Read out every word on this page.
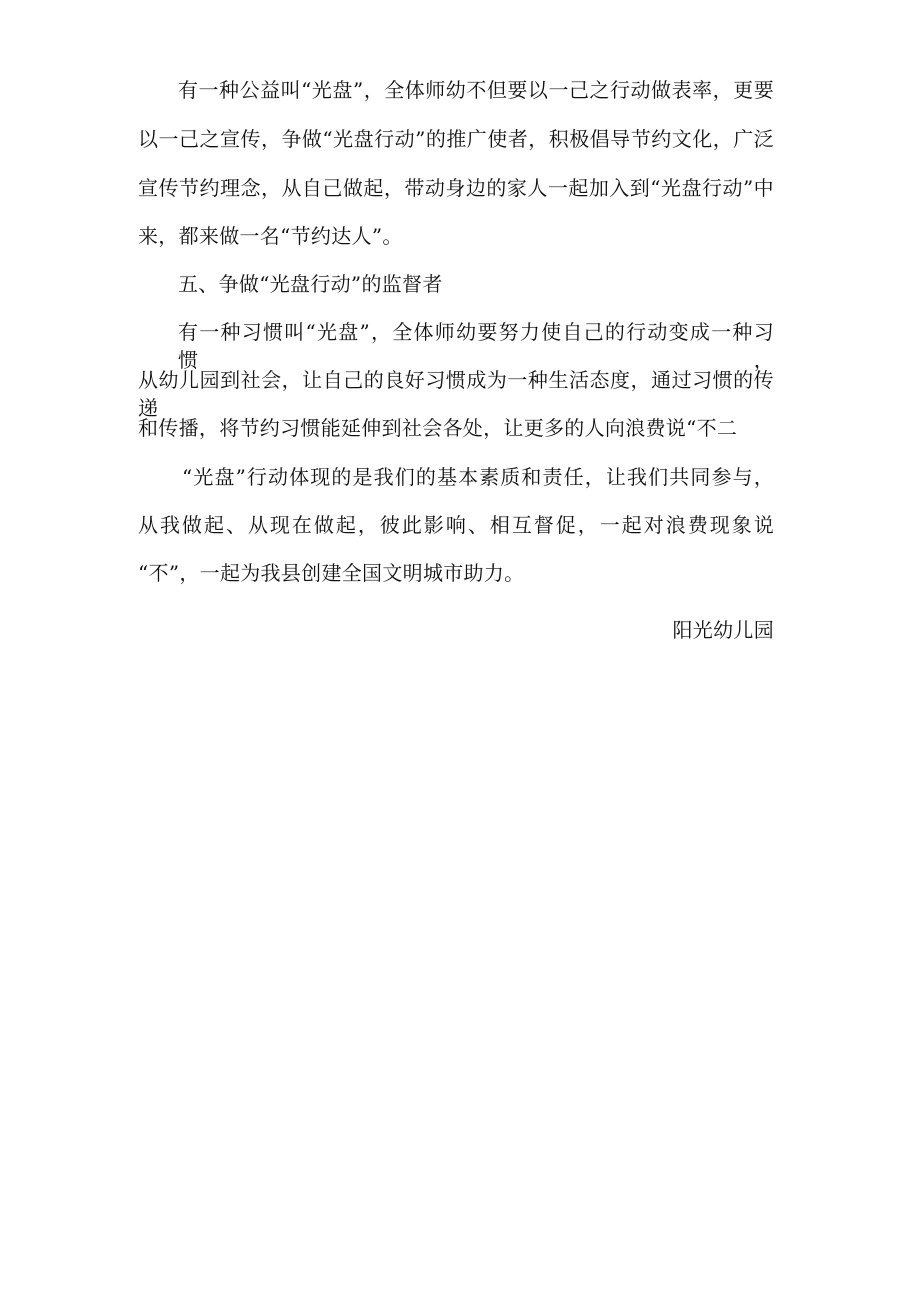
有一种公益叫“光盘”，全体师幼不但要以一己之行动做表率，更要
以一己之宣传，争做“光盘行动”的推广使者，积极倡导节约文化，广泛
宣传节约理念，从自己做起，带动身边的家人一起加入到“光盘行动”中
来，都来做一名“节约达人”。
五、争做“光盘行动”的监督者
有一种习惯叫“光盘”，全体师幼要努力使自己的行动变成一种习惯，
从幼儿园到社会，让自己的良好习惯成为一种生活态度，通过习惯的传递
和传播，将节约习惯能延伸到社会各处，让更多的人向浪费说“不二
“光盘”行动体现的是我们的基本素质和责任，让我们共同参与，
从我做起、从现在做起，彼此影响、相互督促，一起对浪费现象说
“不”，一起为我县创建全国文明城市助力。
阳光幼儿园
